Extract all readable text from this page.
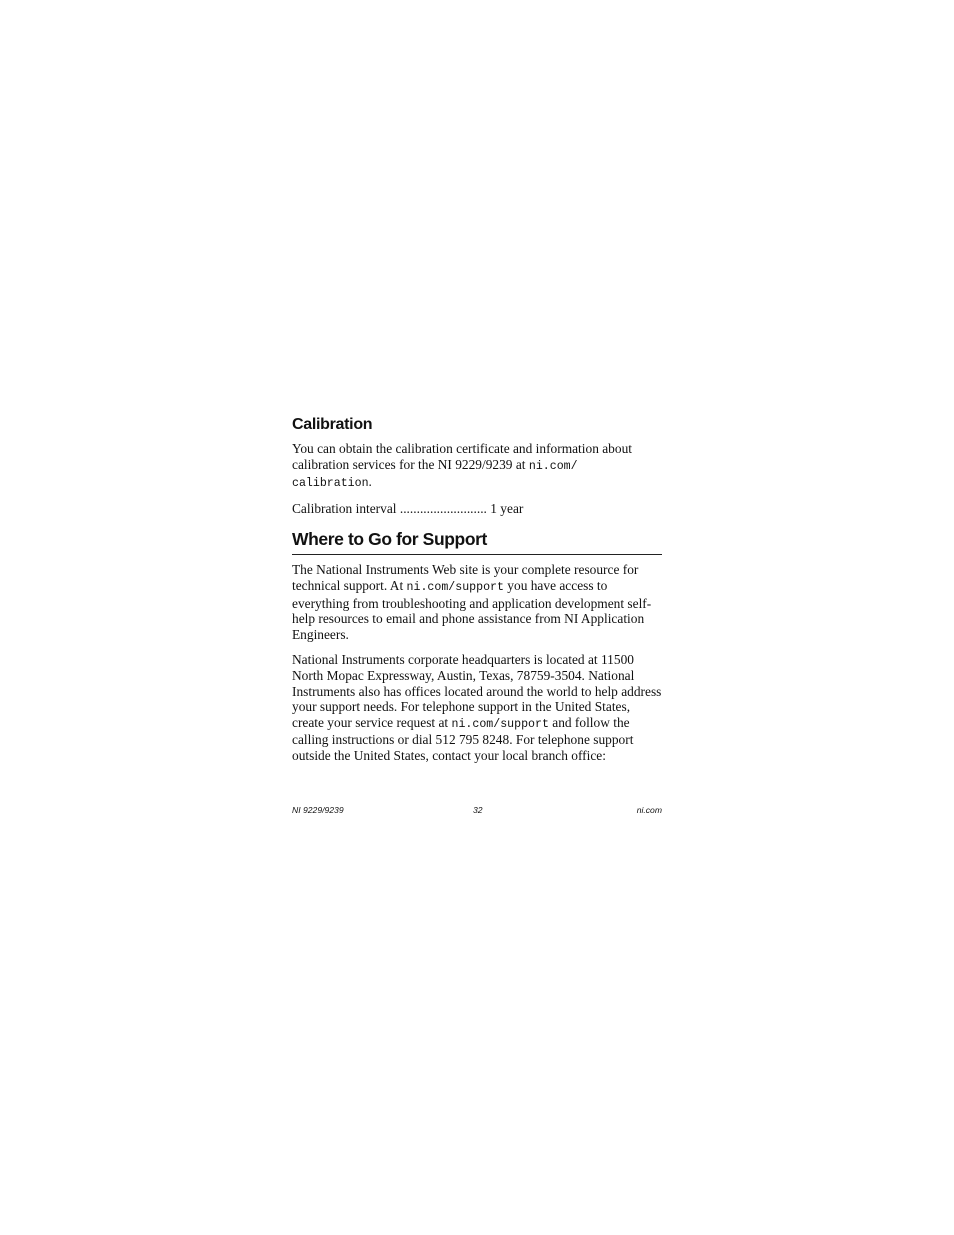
Calibration

You can obtain the calibration certificate and information about calibration services for the NI 9229/9239 at ni.com/
calibration.

Calibration interval .......................... 1 year
Where to Go for Support

The National Instruments Web site is your complete resource for technical support. At ni.com/support you have access to everything from troubleshooting and application development self-help resources to email and phone assistance from NI Application Engineers.

National Instruments corporate headquarters is located at 11500 North Mopac Expressway, Austin, Texas, 78759-3504. National Instruments also has offices located around the world to help address your support needs. For telephone support in the United States, create your service request at ni.com/support and follow the calling instructions or dial 512 795 8248. For telephone support outside the United States, contact your local branch office:

NI 9229/9239	32	ni.com
